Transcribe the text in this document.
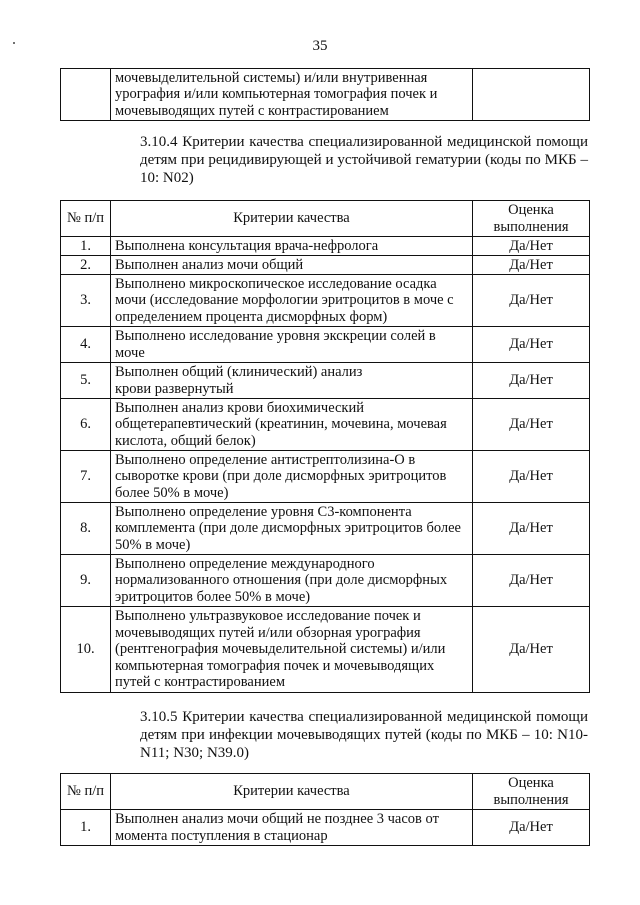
35
	мочевыделительной системы) и/или внутривенная урография и/или компьютерная томография почек и мочевыводящих путей с контрастированием	
3.10.4 Критерии качества специализированной медицинской помощи детям при рецидивирующей и устойчивой гематурии (коды по МКБ – 10: N02)
№ п/п	Критерии качества	Оценка выполнения
1.	Выполнена консультация врача-нефролога	Да/Нет
2.	Выполнен анализ мочи общий	Да/Нет
3.	Выполнено микроскопическое исследование осадка мочи (исследование морфологии эритроцитов в моче с определением процента дисморфных форм)	Да/Нет
4.	Выполнено исследование уровня экскреции солей в моче	Да/Нет
5.	Выполнен общий (клинический) анализ крови развернутый	Да/Нет
6.	Выполнен анализ крови биохимический общетерапевтический (креатинин, мочевина, мочевая кислота, общий белок)	Да/Нет
7.	Выполнено определение антистрептолизина-О в сыворотке крови (при доле дисморфных эритроцитов более 50% в моче)	Да/Нет
8.	Выполнено определение уровня С3-компонента комплемента (при доле дисморфных эритроцитов более 50% в моче)	Да/Нет
9.	Выполнено определение международного нормализованного отношения (при доле дисморфных эритроцитов более 50% в моче)	Да/Нет
10.	Выполнено ультразвуковое исследование почек и мочевыводящих путей и/или обзорная урография (рентгенография мочевыделительной системы) и/или компьютерная томография почек и мочевыводящих путей с контрастированием	Да/Нет
3.10.5 Критерии качества специализированной медицинской помощи детям при инфекции мочевыводящих путей (коды по МКБ – 10: N10-N11; N30; N39.0)
№ п/п	Критерии качества	Оценка выполнения
1.	Выполнен анализ мочи общий не позднее 3 часов от момента поступления в стационар	Да/Нет
